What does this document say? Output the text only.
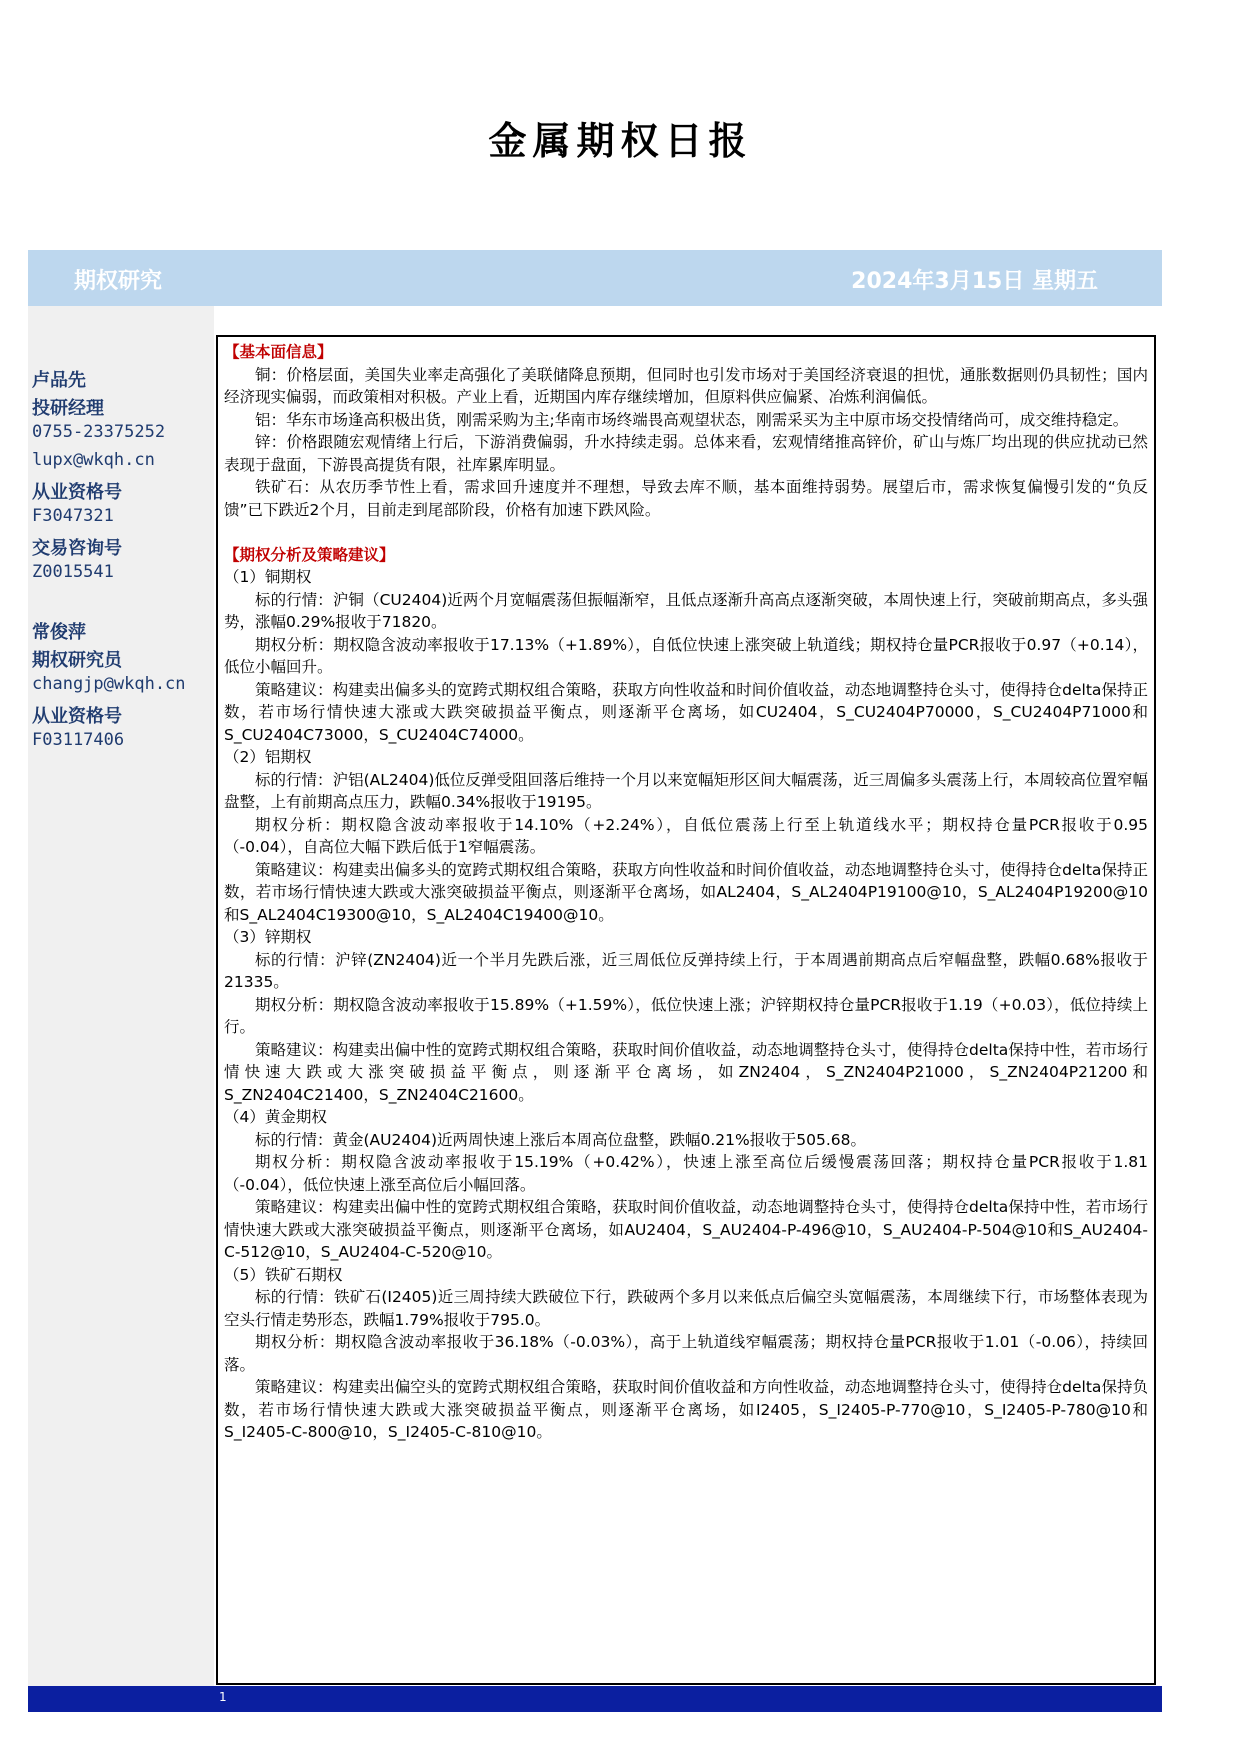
金属期权日报
期权研究	2024年3月15日 星期五
卢品先
投研经理
0755-23375252
lupx@wkqh.cn
从业资格号
F3047321
交易咨询号
Z0015541
常俊萍
期权研究员
changjp@wkqh.cn
从业资格号
F03117406

【基本面信息】

铜：价格层面，美国失业率走高强化了美联储降息预期，但同时也引发市场对于美国经济衰退的担忧，通胀数据则仍具韧性；国内经济现实偏弱，而政策相对积极。产业上看，近期国内库存继续增加，但原料供应偏紧、冶炼利润偏低。

铝：华东市场逢高积极出货，刚需采购为主;华南市场终端畏高观望状态，刚需采买为主中原市场交投情绪尚可，成交维持稳定。

锌：价格跟随宏观情绪上行后，下游消费偏弱，升水持续走弱。总体来看，宏观情绪推高锌价，矿山与炼厂均出现的供应扰动已然表现于盘面，下游畏高提货有限，社库累库明显。

铁矿石：从农历季节性上看，需求回升速度并不理想，导致去库不顺，基本面维持弱势。展望后市，需求恢复偏慢引发的“负反馈”已下跌近2个月，目前走到尾部阶段，价格有加速下跌风险。

【期权分析及策略建议】

（1）铜期权

标的行情：沪铜（CU2404)近两个月宽幅震荡但振幅渐窄，且低点逐渐升高高点逐渐突破，本周快速上行，突破前期高点，多头强势，涨幅0.29%报收于71820。

期权分析：期权隐含波动率报收于17.13%（+1.89%），自低位快速上涨突破上轨道线；期权持仓量PCR报收于0.97（+0.14），低位小幅回升。

策略建议：构建卖出偏多头的宽跨式期权组合策略，获取方向性收益和时间价值收益，动态地调整持仓头寸，使得持仓delta保持正数，若市场行情快速大涨或大跌突破损益平衡点，则逐渐平仓离场，如CU2404，S_CU2404P70000，S_CU2404P71000和S_CU2404C73000，S_CU2404C74000。

（2）铝期权

标的行情：沪铝(AL2404)低位反弹受阻回落后维持一个月以来宽幅矩形区间大幅震荡，近三周偏多头震荡上行，本周较高位置窄幅盘整，上有前期高点压力，跌幅0.34%报收于19195。

期权分析：期权隐含波动率报收于14.10%（+2.24%），自低位震荡上行至上轨道线水平；期权持仓量PCR报收于0.95（-0.04），自高位大幅下跌后低于1窄幅震荡。

策略建议：构建卖出偏多头的宽跨式期权组合策略，获取方向性收益和时间价值收益，动态地调整持仓头寸，使得持仓delta保持正数，若市场行情快速大跌或大涨突破损益平衡点，则逐渐平仓离场，如AL2404，S_AL2404P19100@10，S_AL2404P19200@10和S_AL2404C19300@10，S_AL2404C19400@10。

（3）锌期权

标的行情：沪锌(ZN2404)近一个半月先跌后涨，近三周低位反弹持续上行，于本周遇前期高点后窄幅盘整，跌幅0.68%报收于21335。

期权分析：期权隐含波动率报收于15.89%（+1.59%），低位快速上涨；沪锌期权持仓量PCR报收于1.19（+0.03），低位持续上行。

策略建议：构建卖出偏中性的宽跨式期权组合策略，获取时间价值收益，动态地调整持仓头寸，使得持仓delta保持中性，若市场行情快速大跌或大涨突破损益平衡点，则逐渐平仓离场，如ZN2404，S_ZN2404P21000，S_ZN2404P21200和S_ZN2404C21400，S_ZN2404C21600。

（4）黄金期权

标的行情：黄金(AU2404)近两周快速上涨后本周高位盘整，跌幅0.21%报收于505.68。

期权分析：期权隐含波动率报收于15.19%（+0.42%），快速上涨至高位后缓慢震荡回落；期权持仓量PCR报收于1.81（-0.04），低位快速上涨至高位后小幅回落。

策略建议：构建卖出偏中性的宽跨式期权组合策略，获取时间价值收益，动态地调整持仓头寸，使得持仓delta保持中性，若市场行情快速大跌或大涨突破损益平衡点，则逐渐平仓离场，如AU2404，S_AU2404-P-496@10，S_AU2404-P-504@10和S_AU2404-C-512@10，S_AU2404-C-520@10。

（5）铁矿石期权

标的行情：铁矿石(I2405)近三周持续大跌破位下行，跌破两个多月以来低点后偏空头宽幅震荡，本周继续下行，市场整体表现为空头行情走势形态，跌幅1.79%报收于795.0。

期权分析：期权隐含波动率报收于36.18%（-0.03%），高于上轨道线窄幅震荡；期权持仓量PCR报收于1.01（-0.06），持续回落。

策略建议：构建卖出偏空头的宽跨式期权组合策略，获取时间价值收益和方向性收益，动态地调整持仓头寸，使得持仓delta保持负数，若市场行情快速大跌或大涨突破损益平衡点，则逐渐平仓离场，如I2405，S_I2405-P-770@10，S_I2405-P-780@10和S_I2405-C-800@10，S_I2405-C-810@10。

1
